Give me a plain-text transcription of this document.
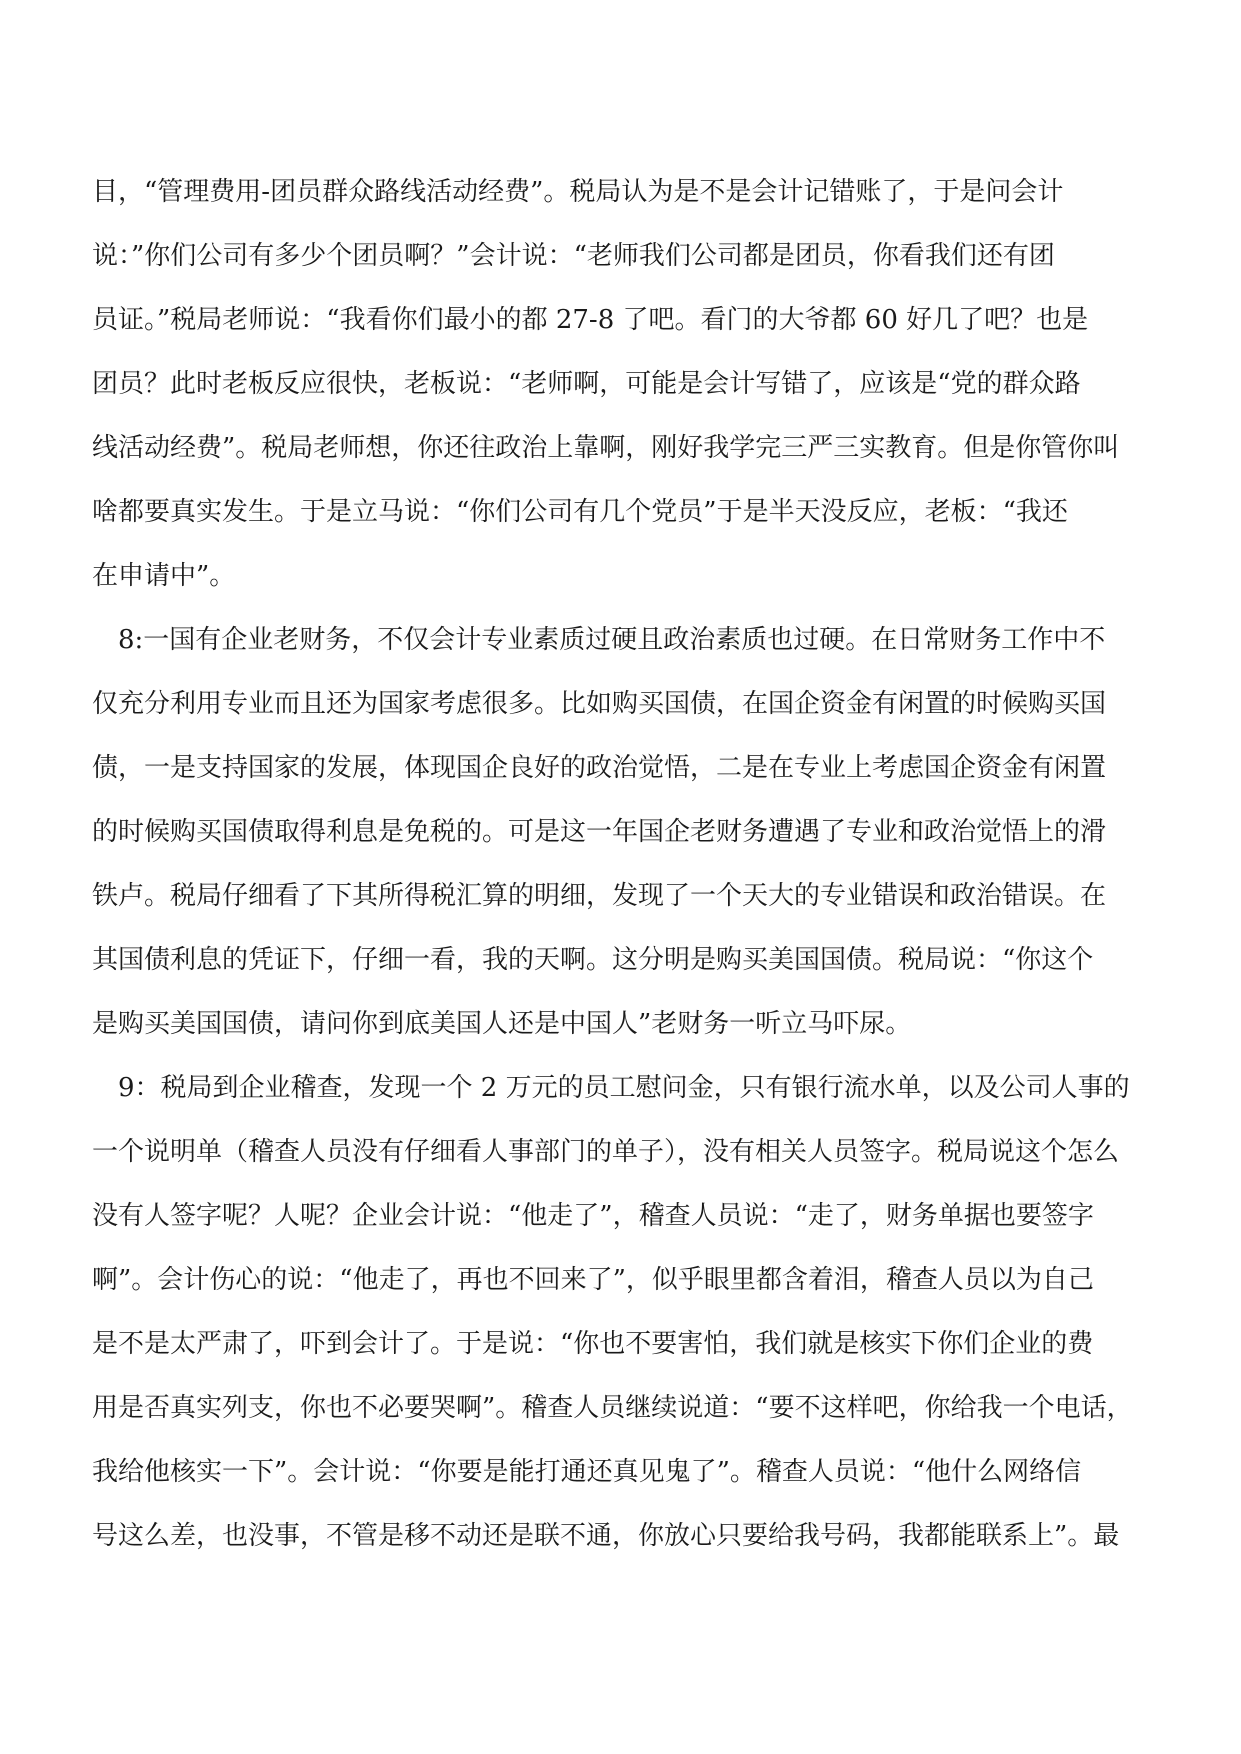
目，“管理费用-团员群众路线活动经费”。税局认为是不是会计记错账了，于是问会计
说：”你们公司有多少个团员啊？”会计说：“老师我们公司都是团员，你看我们还有团
员证。”税局老师说：“我看你们最小的都 27-8 了吧。看门的大爷都 60 好几了吧？也是
团员？此时老板反应很快，老板说：“老师啊，可能是会计写错了，应该是“党的群众路
线活动经费”。税局老师想，你还往政治上靠啊，刚好我学完三严三实教育。但是你管你叫
啥都要真实发生。于是立马说：“你们公司有几个党员”于是半天没反应，老板：“我还
在申请中”。
8:一国有企业老财务，不仅会计专业素质过硬且政治素质也过硬。在日常财务工作中不
仅充分利用专业而且还为国家考虑很多。比如购买国债，在国企资金有闲置的时候购买国
债，一是支持国家的发展，体现国企良好的政治觉悟，二是在专业上考虑国企资金有闲置
的时候购买国债取得利息是免税的。可是这一年国企老财务遭遇了专业和政治觉悟上的滑
铁卢。税局仔细看了下其所得税汇算的明细，发现了一个天大的专业错误和政治错误。在
其国债利息的凭证下，仔细一看，我的天啊。这分明是购买美国国债。税局说：“你这个
是购买美国国债，请问你到底美国人还是中国人”老财务一听立马吓尿。
9：税局到企业稽查，发现一个 2 万元的员工慰问金，只有银行流水单，以及公司人事的
一个说明单（稽查人员没有仔细看人事部门的单子），没有相关人员签字。税局说这个怎么
没有人签字呢？人呢？企业会计说：“他走了”，稽查人员说：“走了，财务单据也要签字
啊”。会计伤心的说：“他走了，再也不回来了”，似乎眼里都含着泪，稽查人员以为自己
是不是太严肃了，吓到会计了。于是说：“你也不要害怕，我们就是核实下你们企业的费
用是否真实列支，你也不必要哭啊”。稽查人员继续说道：“要不这样吧，你给我一个电话，
我给他核实一下”。会计说：“你要是能打通还真见鬼了”。稽查人员说：“他什么网络信
号这么差，也没事，不管是移不动还是联不通，你放心只要给我号码，我都能联系上”。最
